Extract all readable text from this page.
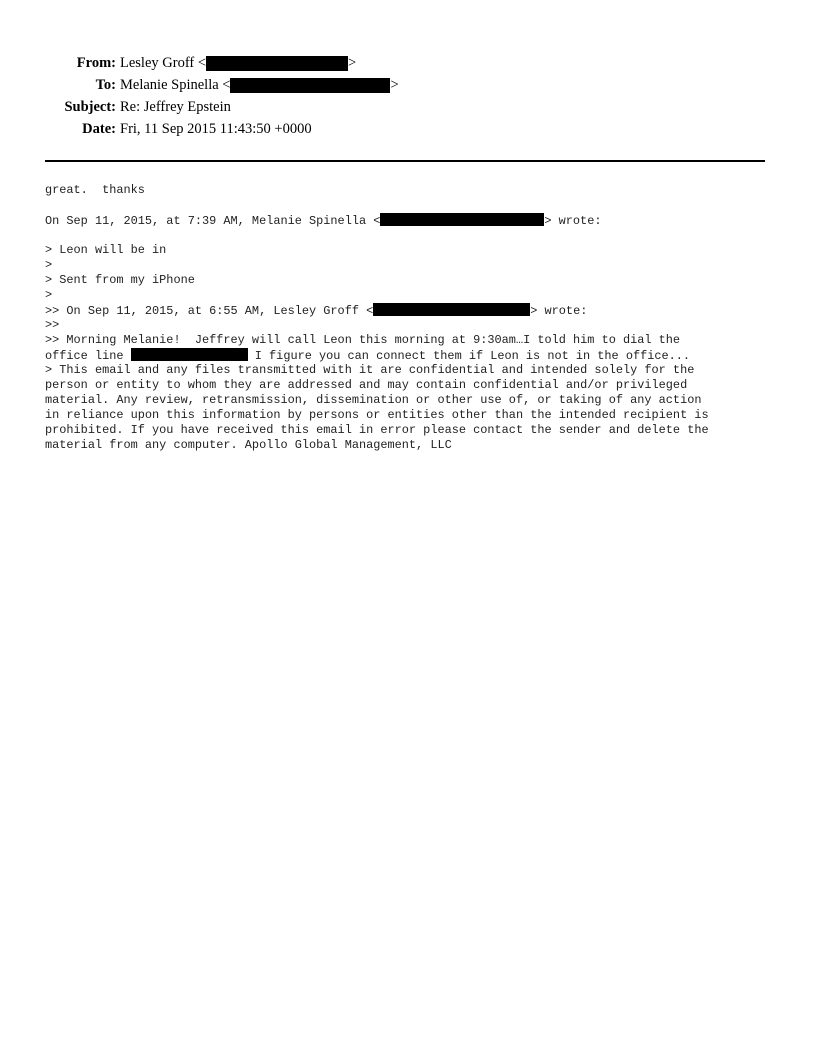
From: Lesley Groff <	>
To: Melanie Spinella <	>
Subject: Re: Jeffrey Epstein
Date: Fri, 11 Sep 2015 11:43:50 +0000
great.  thanks
On Sep 11, 2015, at 7:39 AM, Melanie Spinella <	> wrote:
> Leon will be in
>
> Sent from my iPhone
>
>> On Sep 11, 2015, at 6:55 AM, Lesley Groff <	> wrote:
>>
>> Morning Melanie!  Jeffrey will call Leon this morning at 9:30am…I told him to dial the
office line	I figure you can connect them if Leon is not in the office...
> This email and any files transmitted with it are confidential and intended solely for the
person or entity to whom they are addressed and may contain confidential and/or privileged
material. Any review, retransmission, dissemination or other use of, or taking of any action
in reliance upon this information by persons or entities other than the intended recipient is
prohibited. If you have received this email in error please contact the sender and delete the
material from any computer. Apollo Global Management, LLC
